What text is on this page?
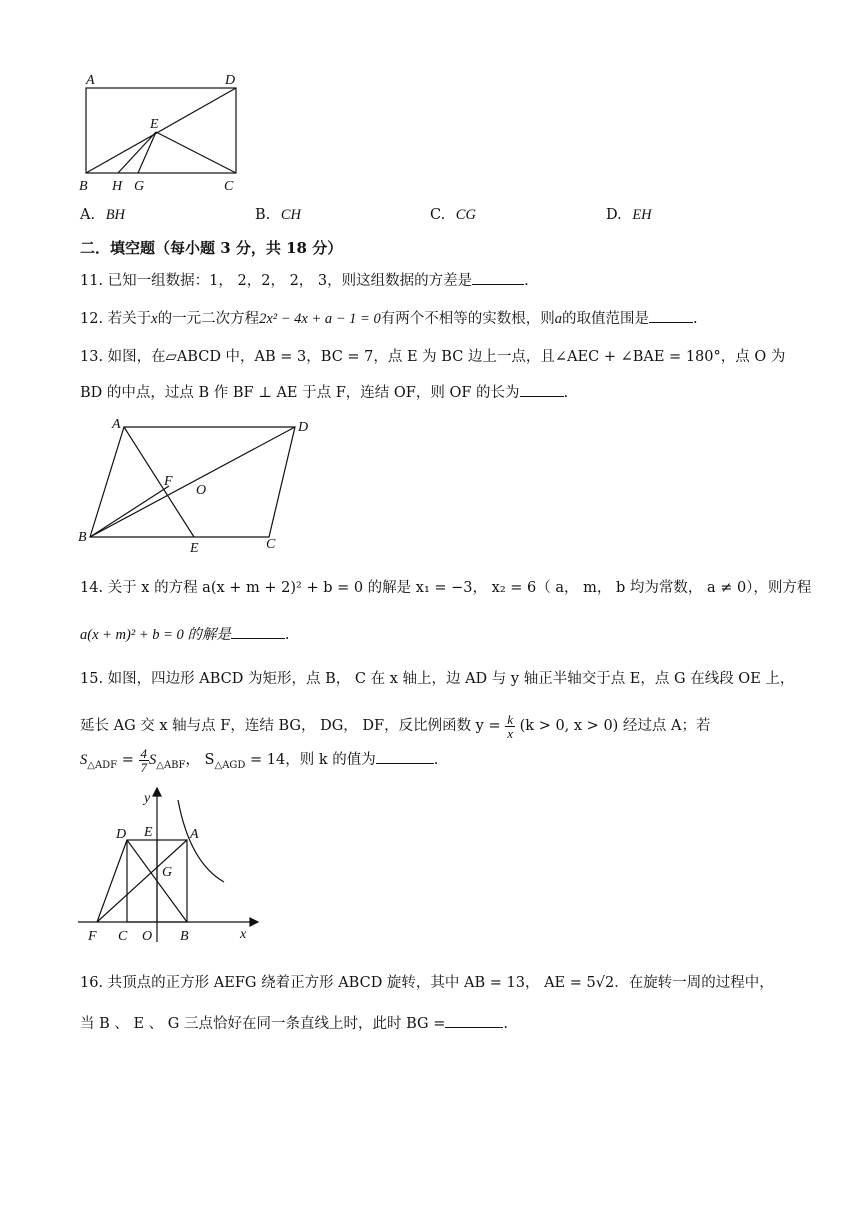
A	D
E
B H G	C
A. BH	B. CH	C. CG	D. EH
二．填空题（每小题 3 分，共 18 分）
11. 已知一组数据：1， 2，2， 2， 3，则这组数据的方差是	.
12. 若关于x的一元二次方程2x² − 4x + a − 1 = 0有两个不相等的实数根，则a的取值范围是	.
13. 如图，在▱ABCD 中，AB = 3，BC = 7，点 E 为 BC 边上一点，且∠AEC + ∠BAE = 180°，点 O 为
BD 的中点，过点 B 作 BF ⊥ AE 于点 F，连结 OF，则 OF 的长为	.
A	D
F
O
B
E	C
14. 关于 x 的方程 a(x + m + 2)² + b = 0 的解是 x₁ = −3， x₂ = 6（ a， m， b 均为常数， a ≠ 0），则方程
a(x + m)² + b = 0 的解是	.
15. 如图，四边形 ABCD 为矩形，点 B， C 在 x 轴上，边 AD 与 y 轴正半轴交于点 E，点 G 在线段 OE 上，
延长 AG 交 x 轴与点 F，连结 BG， DG， DF，反比例函数 $y = \frac{k}{x} (k > 0$, x > 0) 经过点 A；若
$S_{\triangle ADF} = \frac{4}{7} S_{\triangle ABF}$， $S_{\triangle AGD} = 14$，则 k 的值为	.
y
D E	A
G
F C O B	x
16. 共顶点的正方形 AEFG 绕着正方形 ABCD 旋转，其中 AB = 13， AE = 5√2．在旋转一周的过程中，
当 B 、 E 、 G 三点恰好在同一条直线上时，此时 BG =	.
